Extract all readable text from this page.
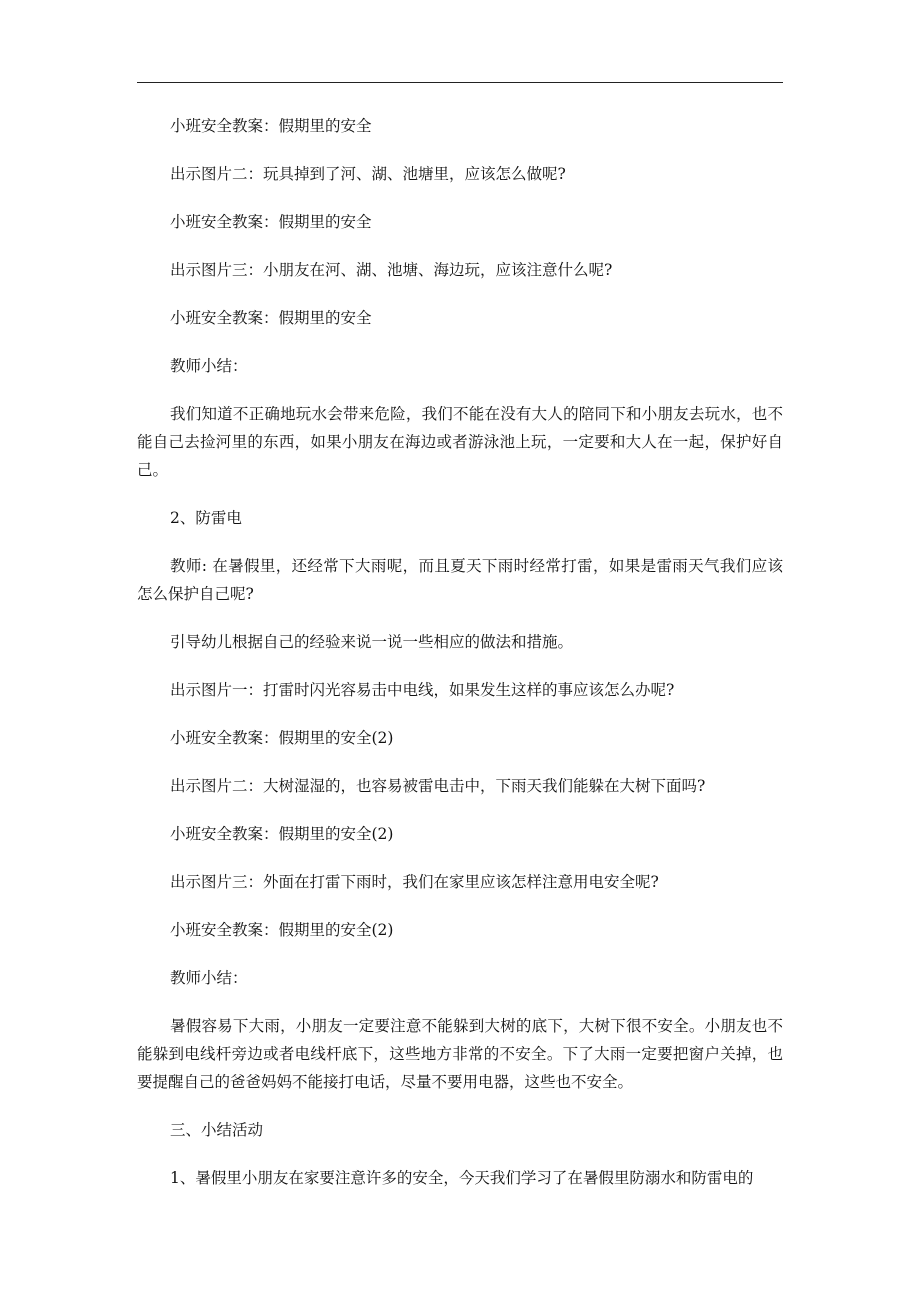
小班安全教案：假期里的安全

出示图片二：玩具掉到了河、湖、池塘里，应该怎么做呢?

小班安全教案：假期里的安全

出示图片三：小朋友在河、湖、池塘、海边玩，应该注意什么呢?

小班安全教案：假期里的安全

教师小结：

我们知道不正确地玩水会带来危险，我们不能在没有大人的陪同下和小朋友去玩水，也不能自己去捡河里的东西，如果小朋友在海边或者游泳池上玩，一定要和大人在一起，保护好自己。

2、防雷电

教师: 在暑假里，还经常下大雨呢，而且夏天下雨时经常打雷，如果是雷雨天气我们应该怎么保护自己呢?

引导幼儿根据自己的经验来说一说一些相应的做法和措施。

出示图片一：打雷时闪光容易击中电线，如果发生这样的事应该怎么办呢?

小班安全教案：假期里的安全(2)

出示图片二：大树湿湿的，也容易被雷电击中，下雨天我们能躲在大树下面吗?

小班安全教案：假期里的安全(2)

出示图片三：外面在打雷下雨时，我们在家里应该怎样注意用电安全呢?

小班安全教案：假期里的安全(2)

教师小结：

暑假容易下大雨，小朋友一定要注意不能躲到大树的底下，大树下很不安全。小朋友也不能躲到电线杆旁边或者电线杆底下，这些地方非常的不安全。下了大雨一定要把窗户关掉，也要提醒自己的爸爸妈妈不能接打电话，尽量不要用电器，这些也不安全。

三、小结活动

1、暑假里小朋友在家要注意许多的安全，今天我们学习了在暑假里防溺水和防雷电的
